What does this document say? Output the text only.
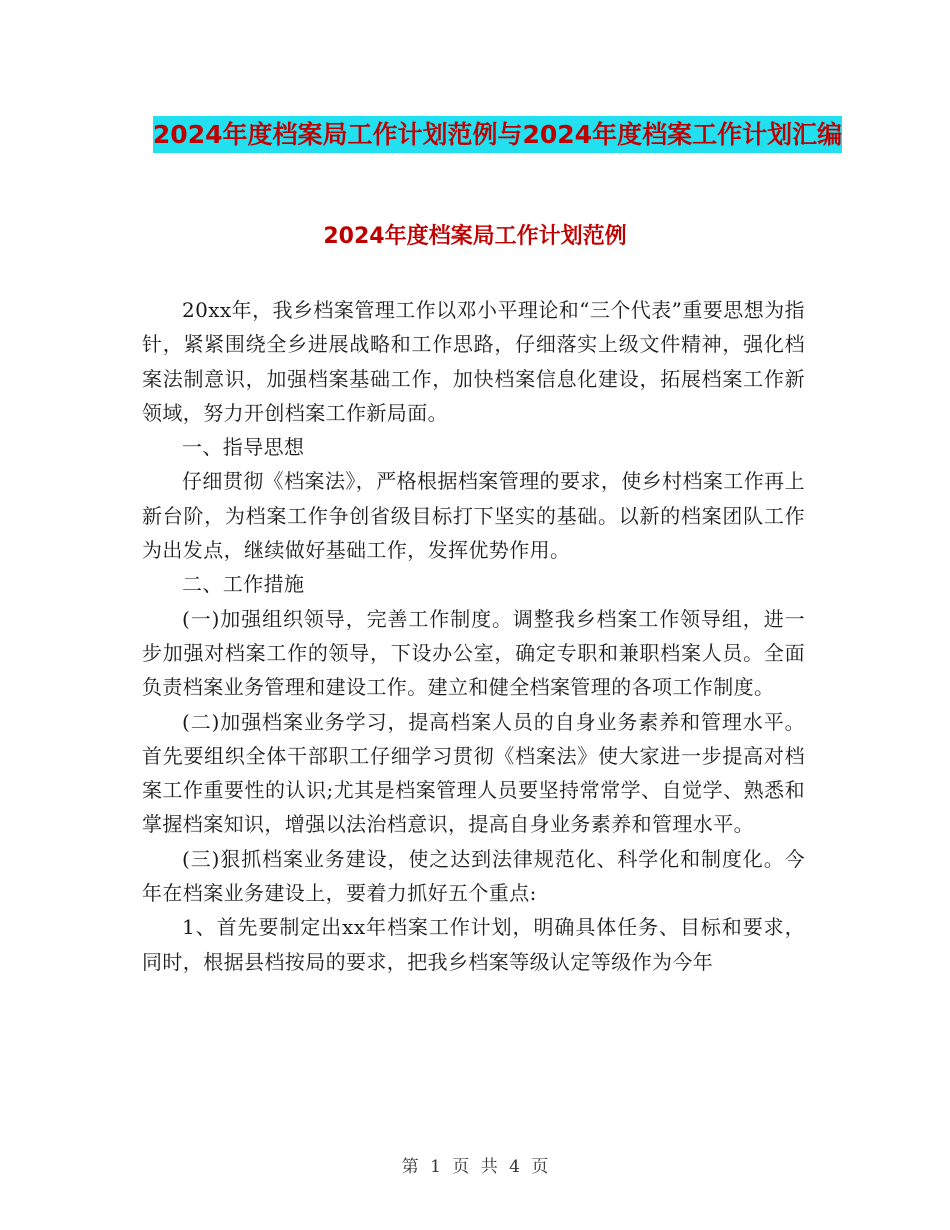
2024年度档案局工作计划范例与2024年度档案工作计划汇编
2024年度档案局工作计划范例

20xx年，我乡档案管理工作以邓小平理论和“三个代表”重要思想为指针，紧紧围绕全乡进展战略和工作思路，仔细落实上级文件精神，强化档案法制意识，加强档案基础工作，加快档案信息化建设，拓展档案工作新领域，努力开创档案工作新局面。

一、指导思想

仔细贯彻《档案法》，严格根据档案管理的要求，使乡村档案工作再上新台阶，为档案工作争创省级目标打下坚实的基础。以新的档案团队工作为出发点，继续做好基础工作，发挥优势作用。

二、工作措施

(一)加强组织领导，完善工作制度。调整我乡档案工作领导组，进一步加强对档案工作的领导，下设办公室，确定专职和兼职档案人员。全面负责档案业务管理和建设工作。建立和健全档案管理的各项工作制度。

(二)加强档案业务学习，提高档案人员的自身业务素养和管理水平。首先要组织全体干部职工仔细学习贯彻《档案法》使大家进一步提高对档案工作重要性的认识;尤其是档案管理人员要坚持常常学、自觉学、熟悉和掌握档案知识，增强以法治档意识，提高自身业务素养和管理水平。

(三)狠抓档案业务建设，使之达到法律规范化、科学化和制度化。今年在档案业务建设上，要着力抓好五个重点:

1、首先要制定出xx年档案工作计划，明确具体任务、目标和要求，同时，根据县档按局的要求，把我乡档案等级认定等级作为今年

第 1 页 共 4 页
